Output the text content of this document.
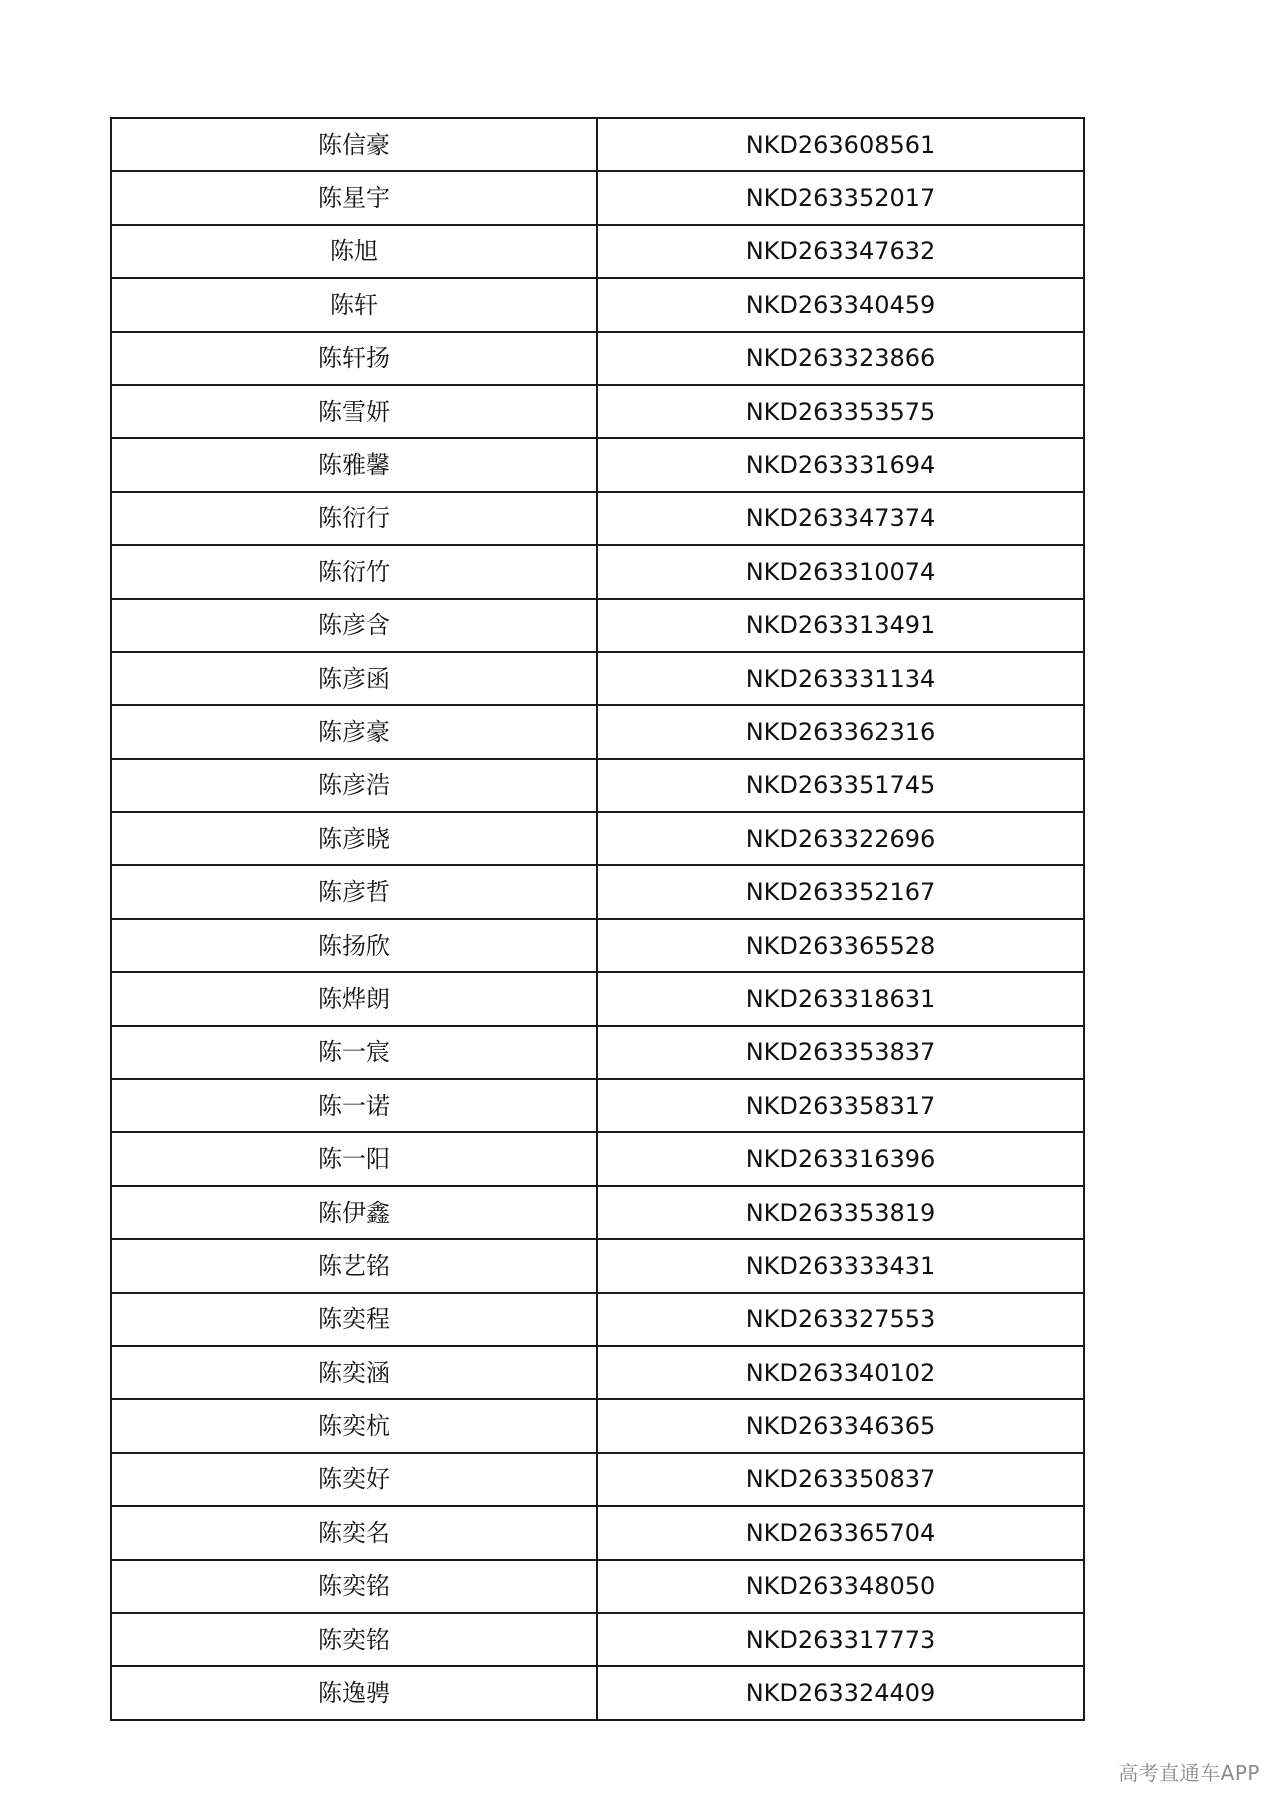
陈信豪	NKD263608561
陈星宇	NKD263352017
陈旭	NKD263347632
陈轩	NKD263340459
陈轩扬	NKD263323866
陈雪妍	NKD263353575
陈雅馨	NKD263331694
陈衍行	NKD263347374
陈衍竹	NKD263310074
陈彦含	NKD263313491
陈彦函	NKD263331134
陈彦豪	NKD263362316
陈彦浩	NKD263351745
陈彦晓	NKD263322696
陈彦哲	NKD263352167
陈扬欣	NKD263365528
陈烨朗	NKD263318631
陈一宸	NKD263353837
陈一诺	NKD263358317
陈一阳	NKD263316396
陈伊鑫	NKD263353819
陈艺铭	NKD263333431
陈奕程	NKD263327553
陈奕涵	NKD263340102
陈奕杭	NKD263346365
陈奕好	NKD263350837
陈奕名	NKD263365704
陈奕铭	NKD263348050
陈奕铭	NKD263317773
陈逸骋	NKD263324409
高考直通车APP
